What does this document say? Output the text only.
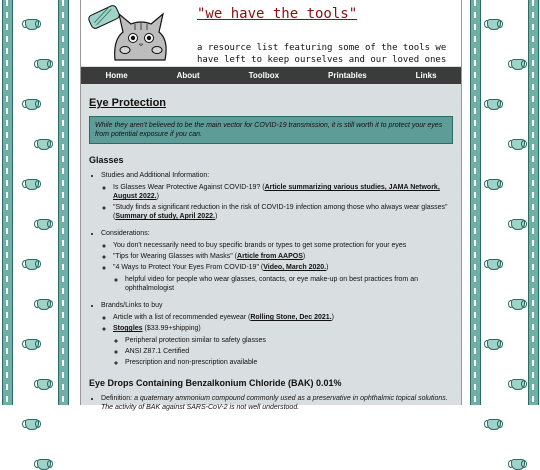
"we have the tools"
a resource list featuring some of the tools we have left to keep ourselves and our loved ones
Home	About	Toolbox	Printables	Links
Eye Protection
While they aren't believed to be the main vector for COVID-19 transmission, it is still worth it to protect your eyes from potential exposure if you can.
Glasses
• Studies and Additional Information:
◦ Is Glasses Wear Protective Against COVID-19? (Article summarizing various studies, JAMA Network, August 2022.)
◦ "Study finds a significant reduction in the risk of COVID-19 infection among those who always wear glasses" (Summary of study, April 2022.)
• Considerations:
◦ You don't necessarily need to buy specific brands or types to get some protection for your eyes
◦ "Tips for Wearing Glasses with Masks" (Article from AAPOS)
◦ "4 Ways to Protect Your Eyes From COVID-19" (Video, March 2020.)
◦ helpful video for people who wear glasses, contacts, or eye make-up on best practices from an ophthalmologist
• Brands/Links to buy
◦ Article with a list of recommended eyewear (Rolling Stone, Dec 2021.)
◦ Stoggles ($33.99+shipping)
◦ Peripheral protection similar to safety glasses
◦ ANSI Z87.1 Certified
◦ Prescription and non-prescription available
Eye Drops Containing Benzalkonium Chloride (BAK) 0.01%
• Definition: a quaternary ammonium compound commonly used as a preservative in ophthalmic topical solutions. The activity of BAK against SARS-CoV-2 is not well understood.
